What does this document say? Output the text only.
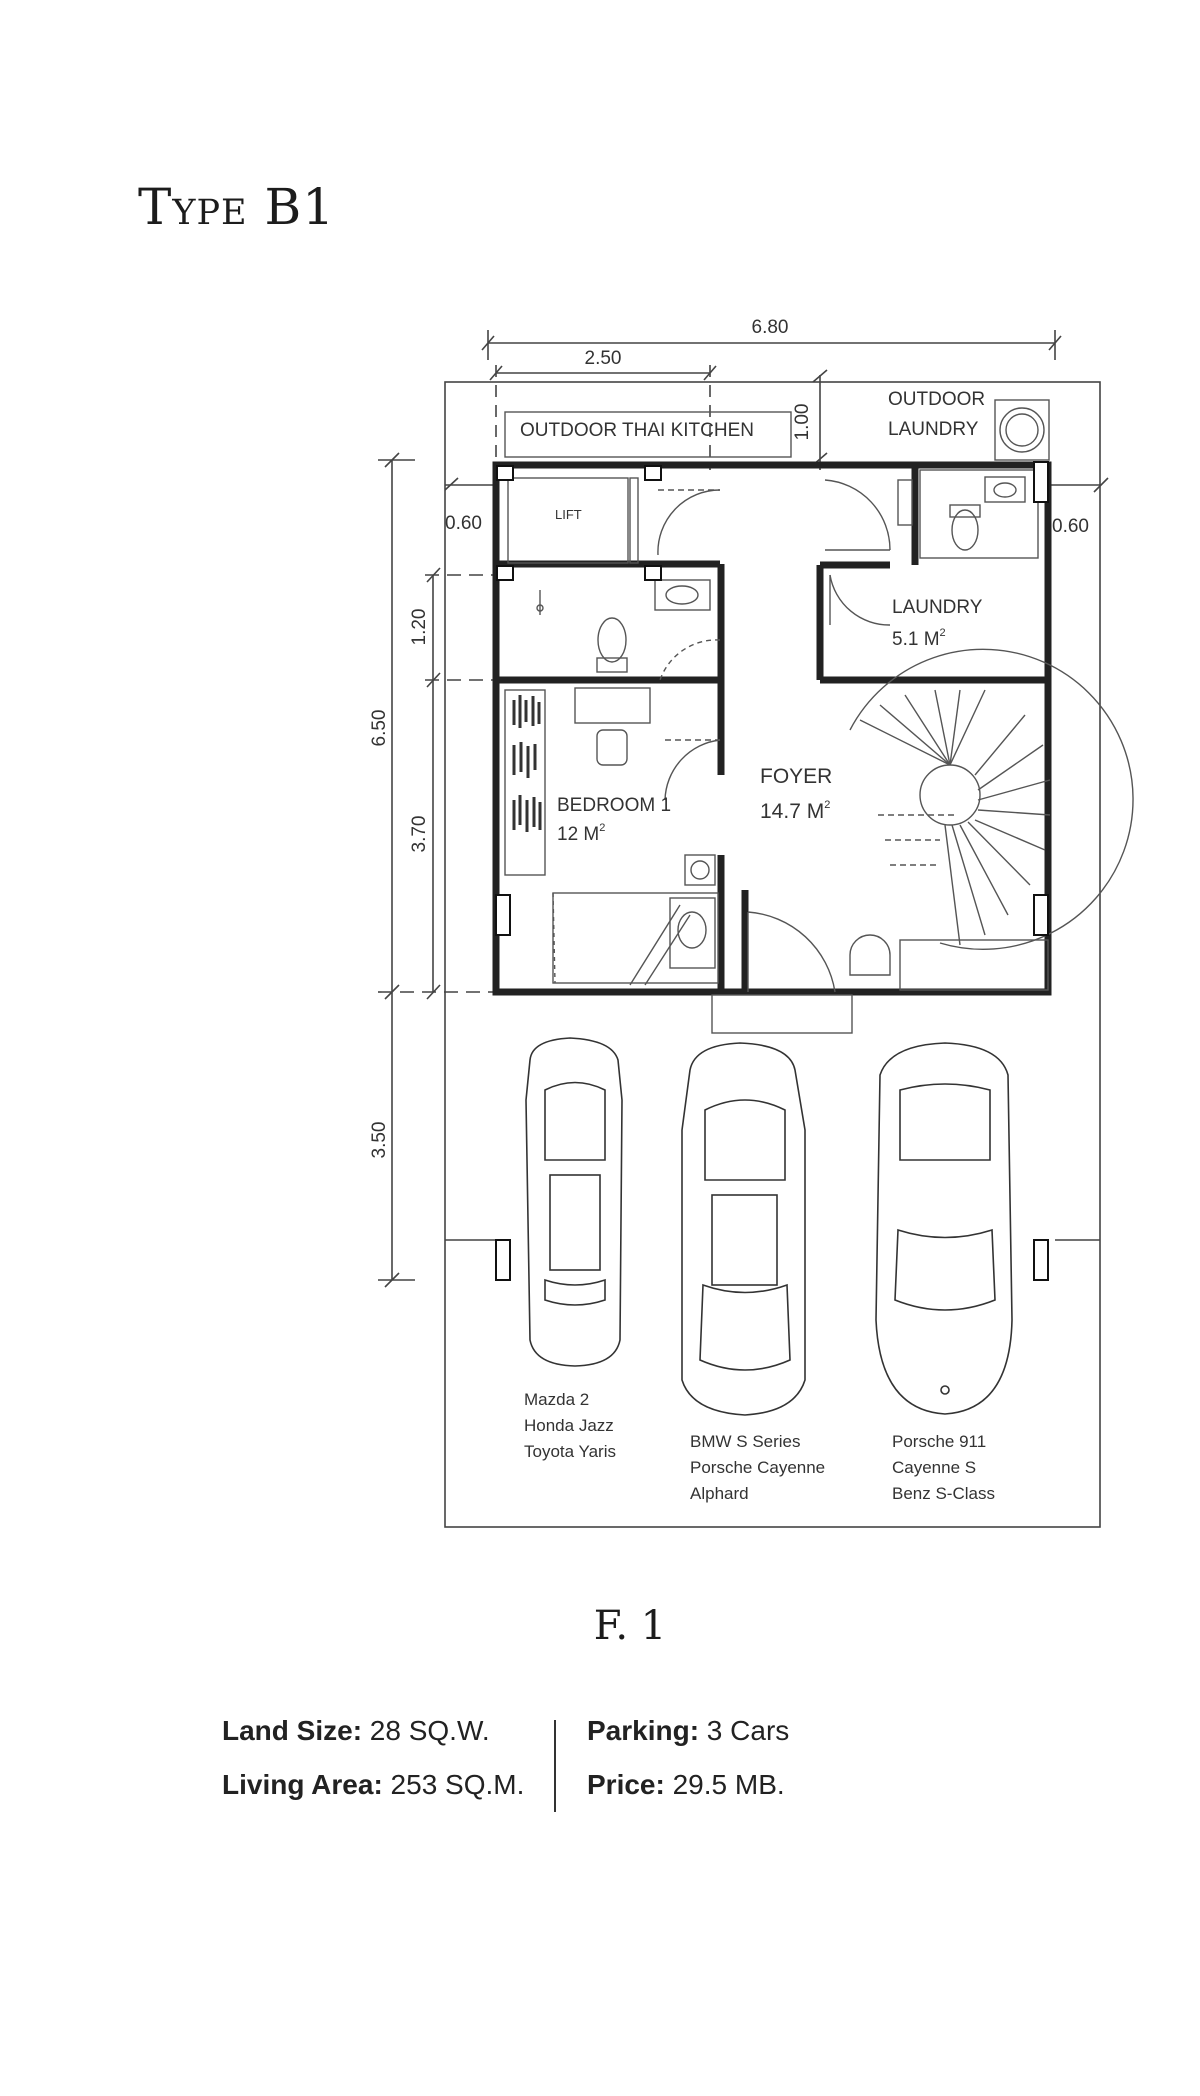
Type B1
6.80
2.50
1.00
0.60	0.60
6.50
1.20
3.70
3.50
OUTDOOR THAI KITCHEN
OUTDOOR
LAUNDRY
LIFT
LAUNDRY
5.1 $M^2$
BEDROOM 1
12 $M^2$
FOYER
14.7 $M^2$
Mazda 2
Honda Jazz
Toyota Yaris
BMW S Series
Porsche Cayenne
Alphard
Porsche 911
Cayenne S
Benz S-Class
F. 1
Land Size: 28 SQ.W.
Living Area: 253 SQ.M.
Parking: 3 Cars
Price: 29.5 MB.
